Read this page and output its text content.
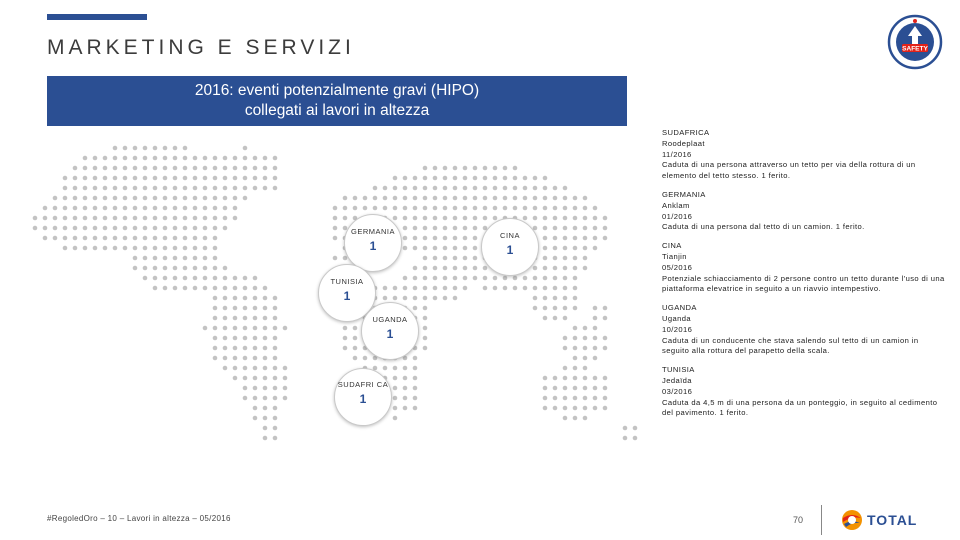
MARKETING E SERVIZI	SAFETY
2016: eventi potenzialmente gravi (HIPO)
collegati ai lavori in altezza
GERMANIA
1
CINA
1
TUNISIA
1
UGANDA
1
SUDAFRI CA
1
SUDAFRICA
Roodeplaat
11/2016
Caduta di una persona attraverso un tetto per via della rottura di un elemento del tetto stesso. 1 ferito.
GERMANIA
Anklam
01/2016
Caduta di una persona dal tetto di un camion. 1 ferito.
CINA
Tianjin
05/2016
Potenziale schiacciamento di 2 persone contro un tetto durante l'uso di una piattaforma elevatrice in seguito a un riavvio intempestivo.
UGANDA
Uganda
10/2016
Caduta di un conducente che stava salendo sul tetto di un camion in seguito alla rottura del parapetto della scala.
TUNISIA
Jedaïda
03/2016
Caduta da 4,5 m di una persona da un ponteggio, in seguito al cedimento del pavimento. 1 ferito.
#RegoledOro – 10 – Lavori in altezza – 05/2016	70	TOTAL
